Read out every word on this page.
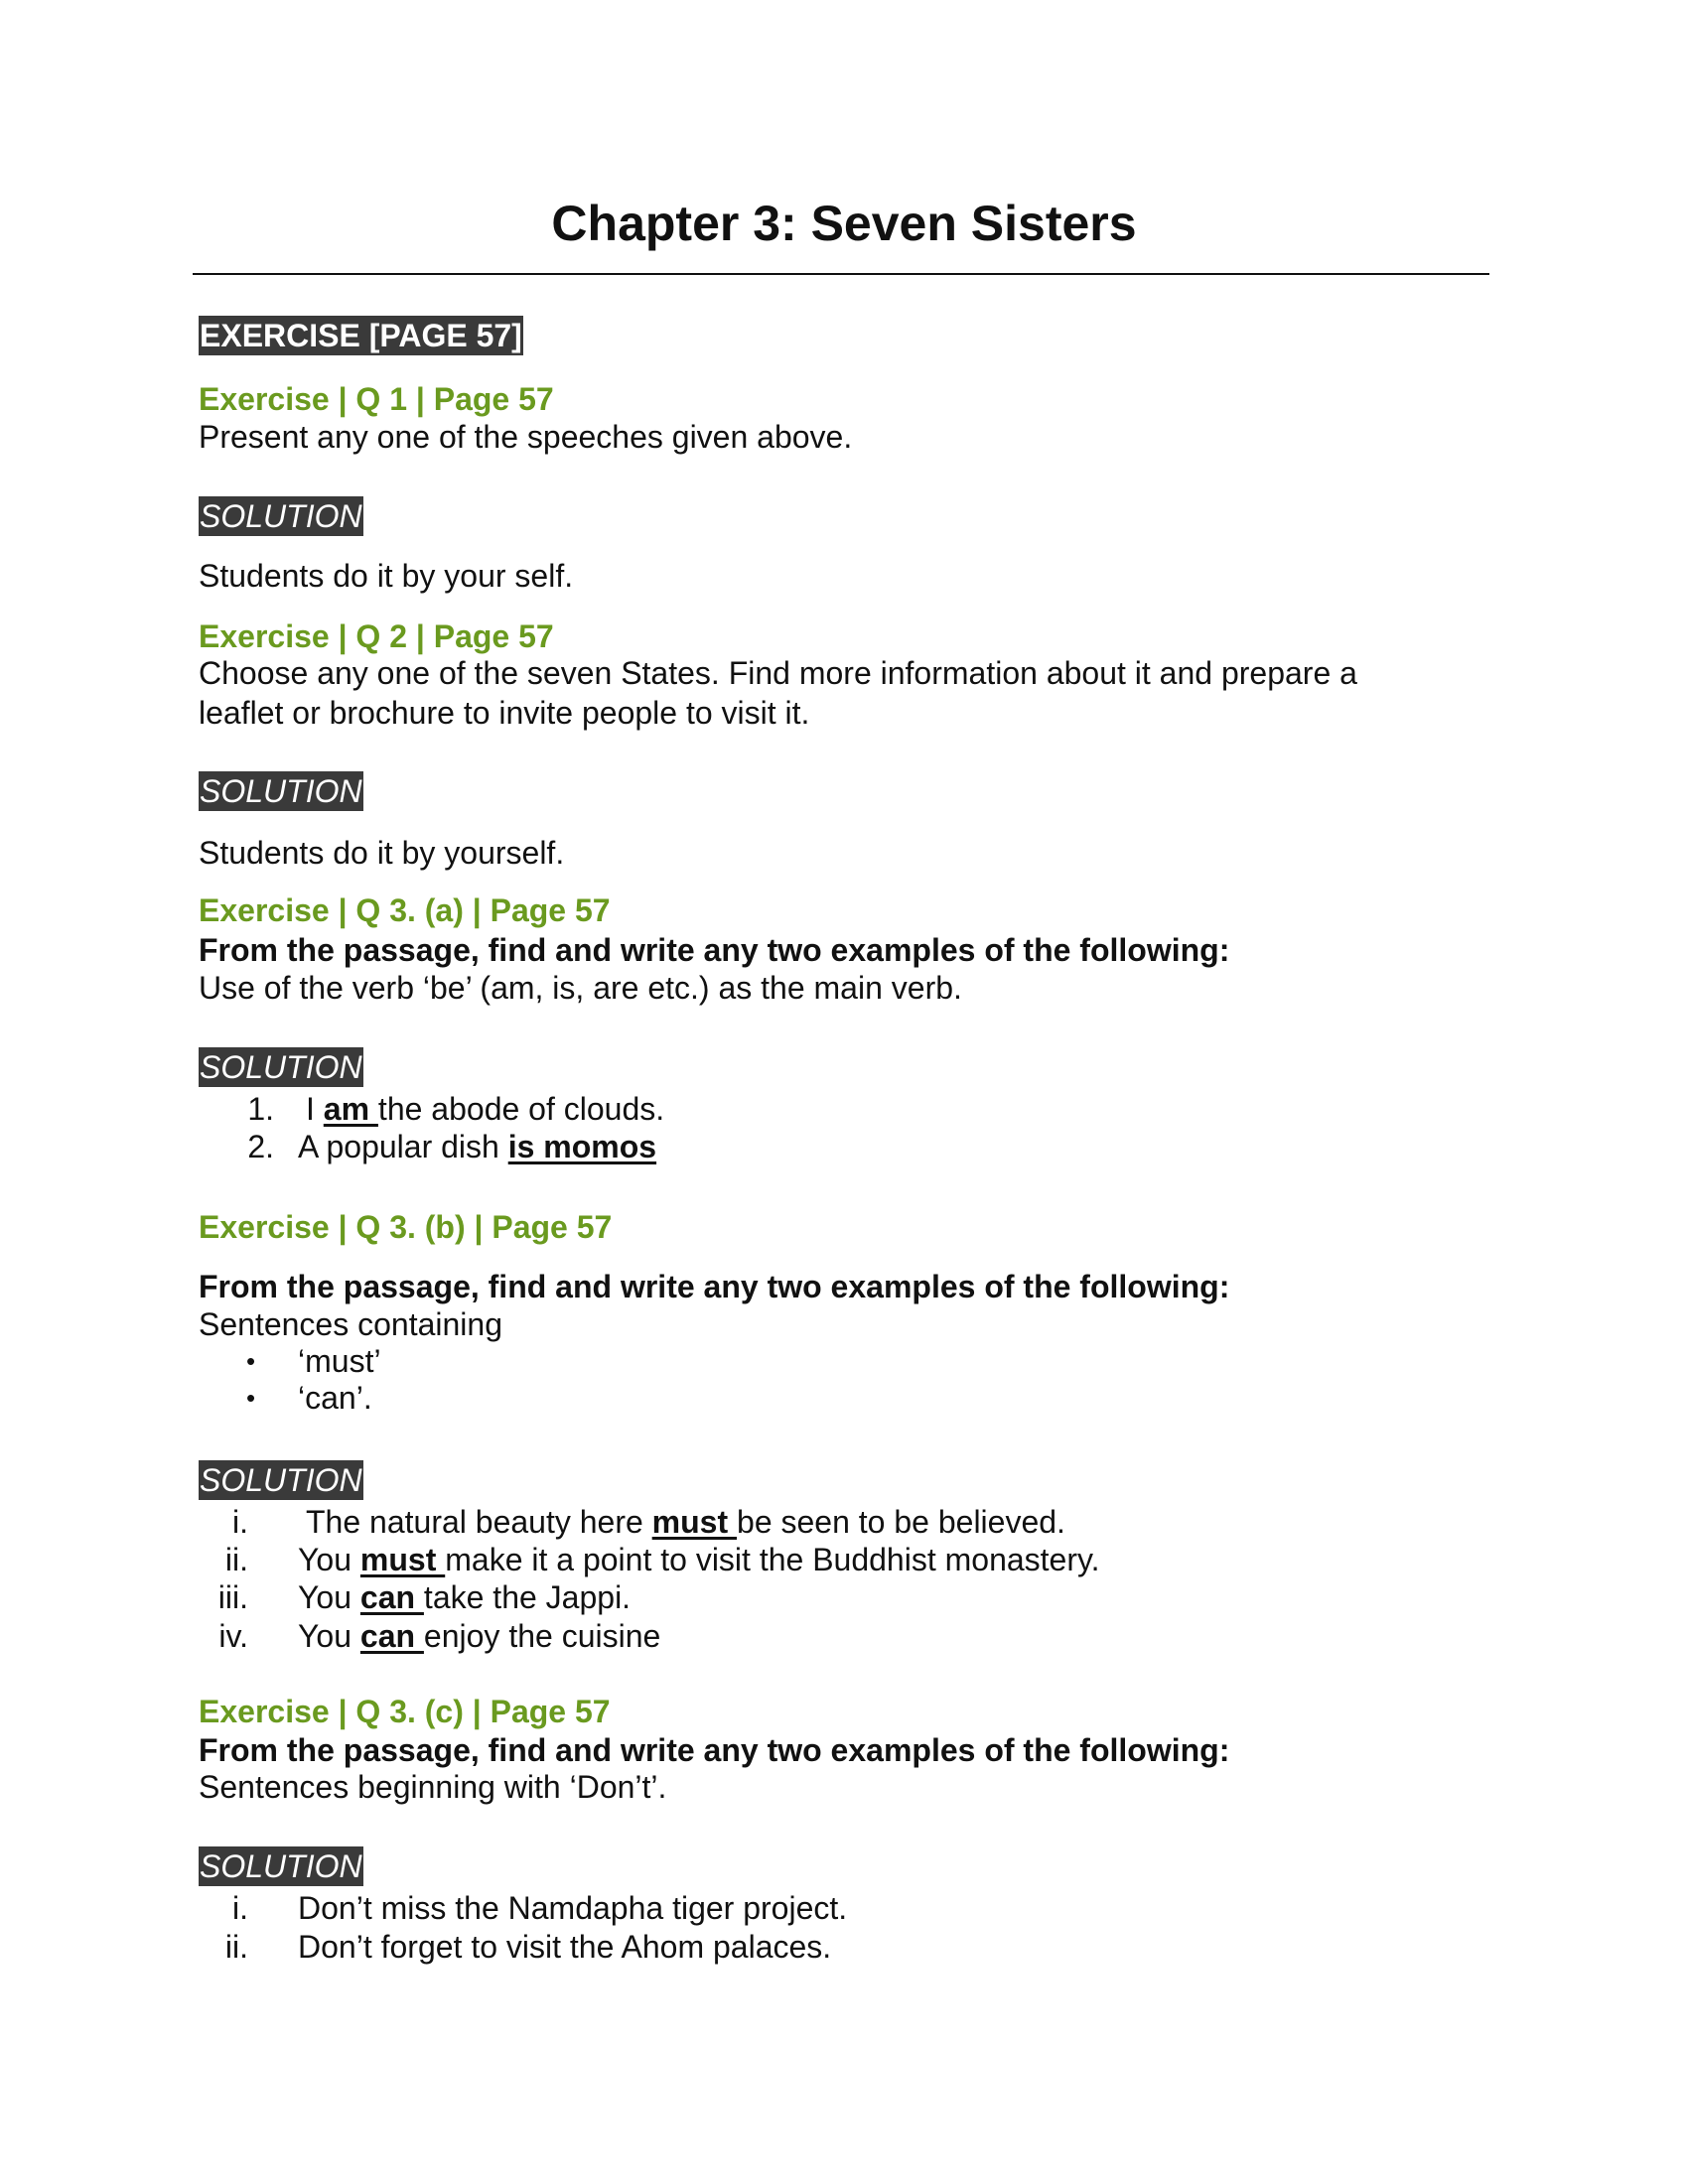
Chapter 3: Seven Sisters
EXERCISE [PAGE 57]
Exercise | Q 1 | Page 57
Present any one of the speeches given above.
SOLUTION
Students do it by your self.
Exercise | Q 2 | Page 57
Choose any one of the seven States. Find more information about it and prepare a
leaflet or brochure to invite people to visit it.
SOLUTION
Students do it by yourself.
Exercise | Q 3. (a) | Page 57
From the passage, find and write any two examples of the following:
Use of the verb ‘be’ (am, is, are etc.) as the main verb.
SOLUTION
1. I am the abode of clouds.
2. A popular dish is momos
Exercise | Q 3. (b) | Page 57
From the passage, find and write any two examples of the following:
Sentences containing
• ‘must’
• ‘can’.
SOLUTION
i. The natural beauty here must be seen to be believed.
ii. You must make it a point to visit the Buddhist monastery.
iii. You can take the Jappi.
iv. You can enjoy the cuisine
Exercise | Q 3. (c) | Page 57
From the passage, find and write any two examples of the following:
Sentences beginning with ‘Don’t’.
SOLUTION
i. Don’t miss the Namdapha tiger project.
ii. Don’t forget to visit the Ahom palaces.
